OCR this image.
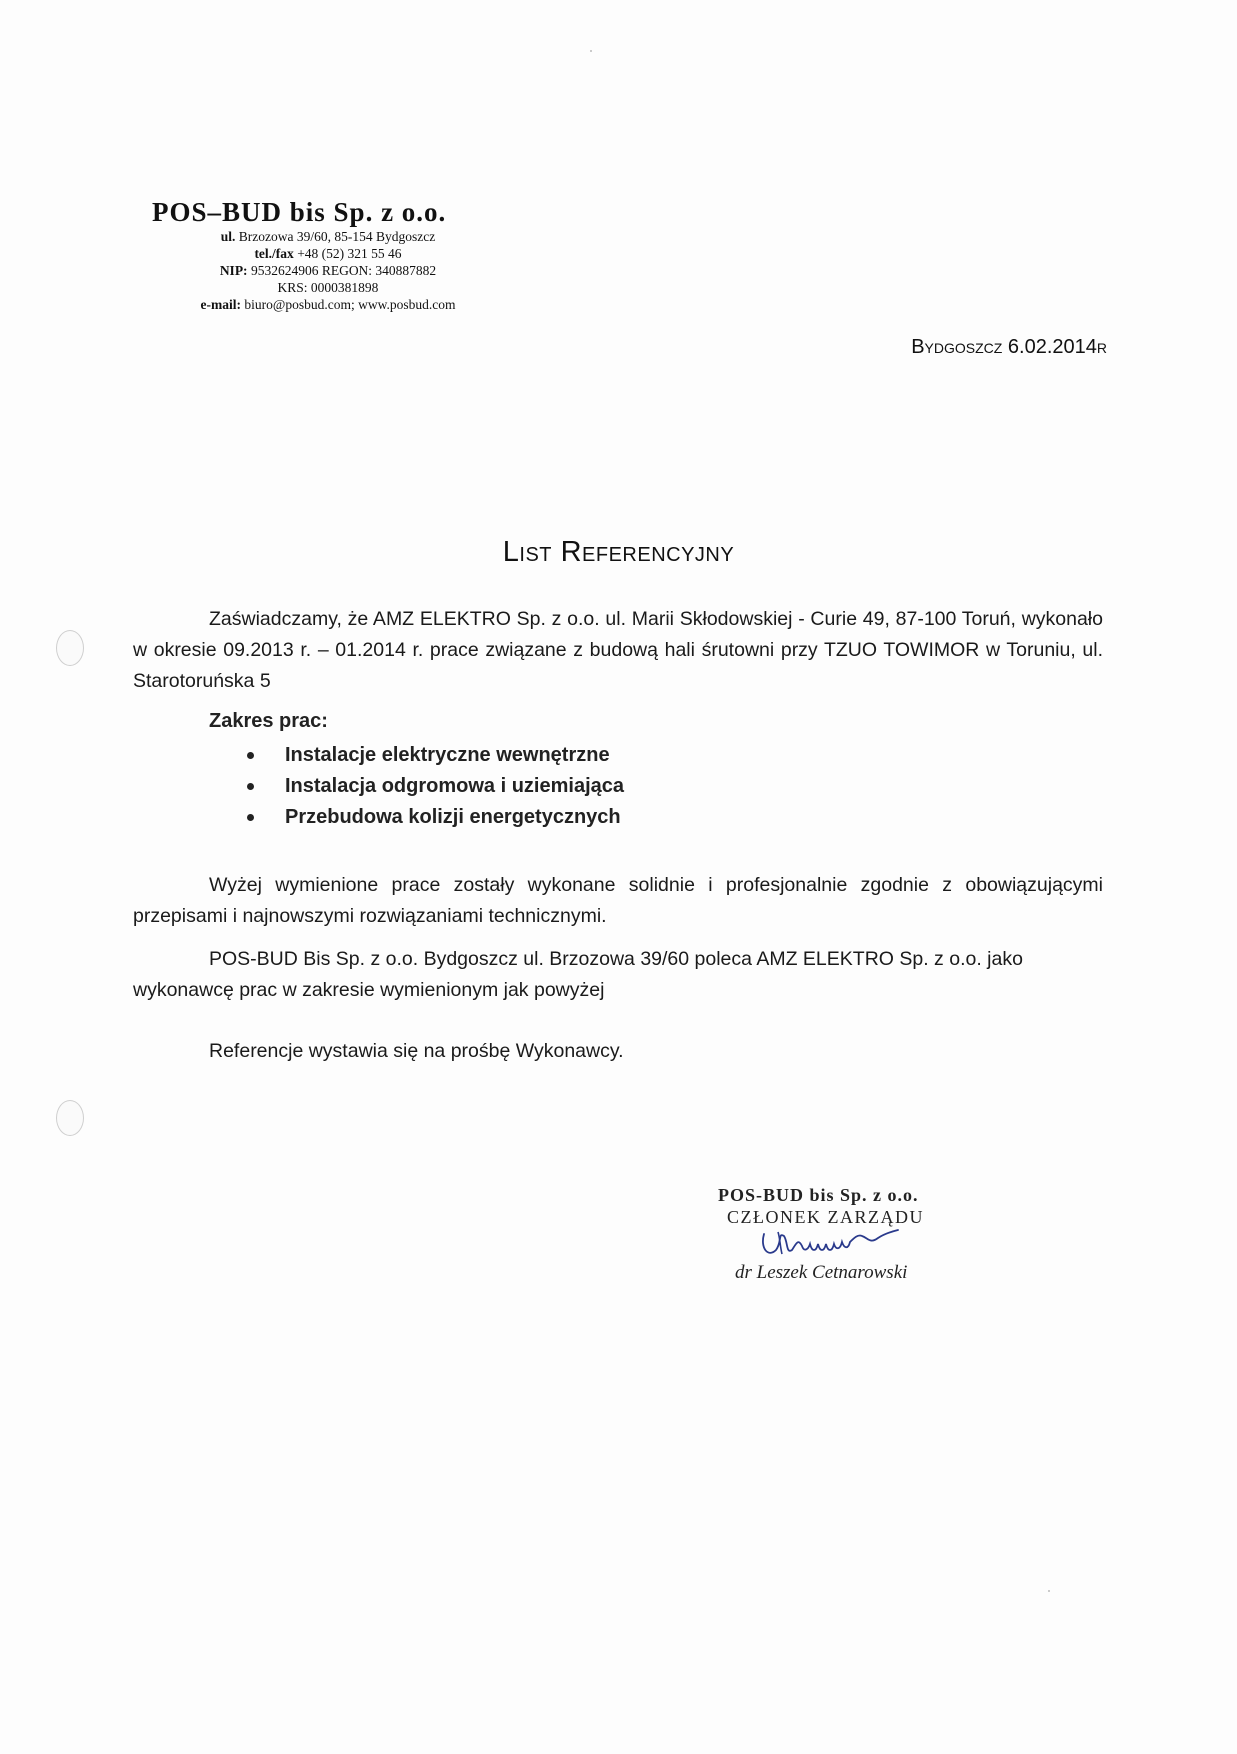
POS–BUD bis Sp. z o.o.
ul. Brzozowa 39/60, 85-154 Bydgoszcz
tel./fax +48 (52) 321 55 46
NIP: 9532624906 REGON: 340887882
KRS: 0000381898
e-mail: biuro@posbud.com; www.posbud.com
Bydgoszcz 6.02.2014r
List Referencyjny
Zaświadczamy, że AMZ ELEKTRO Sp. z o.o. ul. Marii Skłodowskiej - Curie 49, 87-100 Toruń, wykonało w okresie 09.2013 r. – 01.2014 r. prace związane z budową hali śrutowni przy TZUO TOWIMOR w Toruniu, ul. Starotoruńska 5
Zakres prac:
Instalacje elektryczne wewnętrzne
Instalacja odgromowa i uziemiająca
Przebudowa kolizji energetycznych
Wyżej wymienione prace zostały wykonane solidnie i profesjonalnie zgodnie z obowiązującymi przepisami i najnowszymi rozwiązaniami technicznymi.
POS-BUD Bis Sp. z o.o. Bydgoszcz ul. Brzozowa 39/60 poleca AMZ ELEKTRO Sp. z o.o. jako wykonawcę prac w zakresie wymienionym jak powyżej
Referencje wystawia się na prośbę Wykonawcy.
POS-BUD bis Sp. z o.o.
CZŁONEK ZARZĄDU
dr Leszek Cetnarowski
